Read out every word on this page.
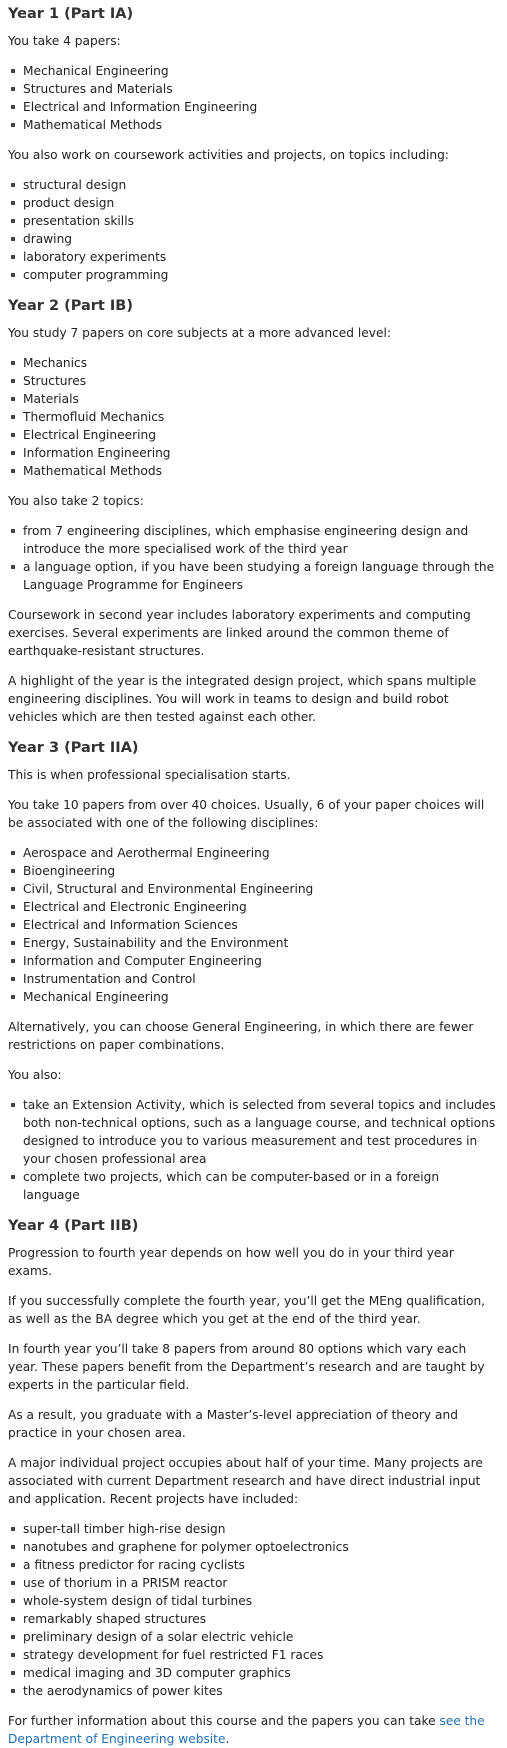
Year 1 (Part IA)

You take 4 papers:

Mechanical Engineering
Structures and Materials
Electrical and Information Engineering
Mathematical Methods

You also work on coursework activities and projects, on topics including:

structural design
product design
presentation skills
drawing
laboratory experiments
computer programming
Year 2 (Part IB)

You study 7 papers on core subjects at a more advanced level:

Mechanics
Structures
Materials
Thermofluid Mechanics
Electrical Engineering
Information Engineering
Mathematical Methods

You also take 2 topics:

from 7 engineering disciplines, which emphasise engineering design and introduce the more specialised work of the third year
a language option, if you have been studying a foreign language through the Language Programme for Engineers

Coursework in second year includes laboratory experiments and computing exercises. Several experiments are linked around the common theme of earthquake-resistant structures.

A highlight of the year is the integrated design project, which spans multiple engineering disciplines. You will work in teams to design and build robot vehicles which are then tested against each other.

Year 3 (Part IIA)

This is when professional specialisation starts.

You take 10 papers from over 40 choices. Usually, 6 of your paper choices will be associated with one of the following disciplines:

Aerospace and Aerothermal Engineering
Bioengineering
Civil, Structural and Environmental Engineering
Electrical and Electronic Engineering
Electrical and Information Sciences
Energy, Sustainability and the Environment
Information and Computer Engineering
Instrumentation and Control
Mechanical Engineering

Alternatively, you can choose General Engineering, in which there are fewer restrictions on paper combinations.

You also:

take an Extension Activity, which is selected from several topics and includes both non-technical options, such as a language course, and technical options designed to introduce you to various measurement and test procedures in your chosen professional area
complete two projects, which can be computer-based or in a foreign language
Year 4 (Part IIB)

Progression to fourth year depends on how well you do in your third year exams.

If you successfully complete the fourth year, you’ll get the MEng qualification, as well as the BA degree which you get at the end of the third year.

In fourth year you’ll take 8 papers from around 80 options which vary each year. These papers benefit from the Department’s research and are taught by experts in the particular field.

As a result, you graduate with a Master’s-level appreciation of theory and practice in your chosen area.

A major individual project occupies about half of your time. Many projects are associated with current Department research and have direct industrial input and application. Recent projects have included:

super-tall timber high-rise design
nanotubes and graphene for polymer optoelectronics
a fitness predictor for racing cyclists
use of thorium in a PRISM reactor
whole-system design of tidal turbines
remarkably shaped structures
preliminary design of a solar electric vehicle
strategy development for fuel restricted F1 races
medical imaging and 3D computer graphics
the aerodynamics of power kites

For further information about this course and the papers you can take see the Department of Engineering website.
